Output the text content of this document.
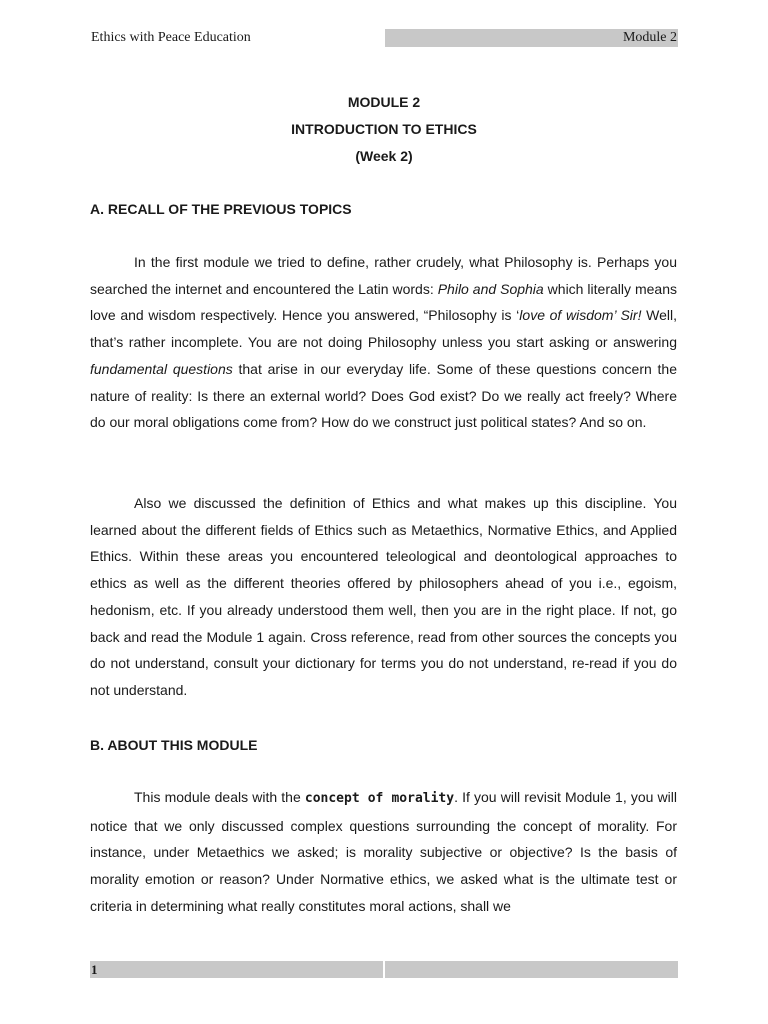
Ethics with Peace Education	Module 2
MODULE 2
INTRODUCTION TO ETHICS
(Week 2)
A. RECALL OF THE PREVIOUS TOPICS

In the first module we tried to define, rather crudely, what Philosophy is. Perhaps you searched the internet and encountered the Latin words: Philo and Sophia which literally means love and wisdom respectively. Hence you answered, “Philosophy is ‘love of wisdom’ Sir! Well, that’s rather incomplete. You are not doing Philosophy unless you start asking or answering fundamental questions that arise in our everyday life. Some of these questions concern the nature of reality: Is there an external world? Does God exist? Do we really act freely? Where do our moral obligations come from? How do we construct just political states? And so on.

Also we discussed the definition of Ethics and what makes up this discipline. You learned about the different fields of Ethics such as Metaethics, Normative Ethics, and Applied Ethics. Within these areas you encountered teleological and deontological approaches to ethics as well as the different theories offered by philosophers ahead of you i.e., egoism, hedonism, etc. If you already understood them well, then you are in the right place. If not, go back and read the Module 1 again. Cross reference, read from other sources the concepts you do not understand, consult your dictionary for terms you do not understand, re-read if you do not understand.

B. ABOUT THIS MODULE

This module deals with the concept of morality. If you will revisit Module 1, you will notice that we only discussed complex questions surrounding the concept of morality. For instance, under Metaethics we asked; is morality subjective or objective? Is the basis of morality emotion or reason? Under Normative ethics, we asked what is the ultimate test or criteria in determining what really constitutes moral actions, shall we

1
